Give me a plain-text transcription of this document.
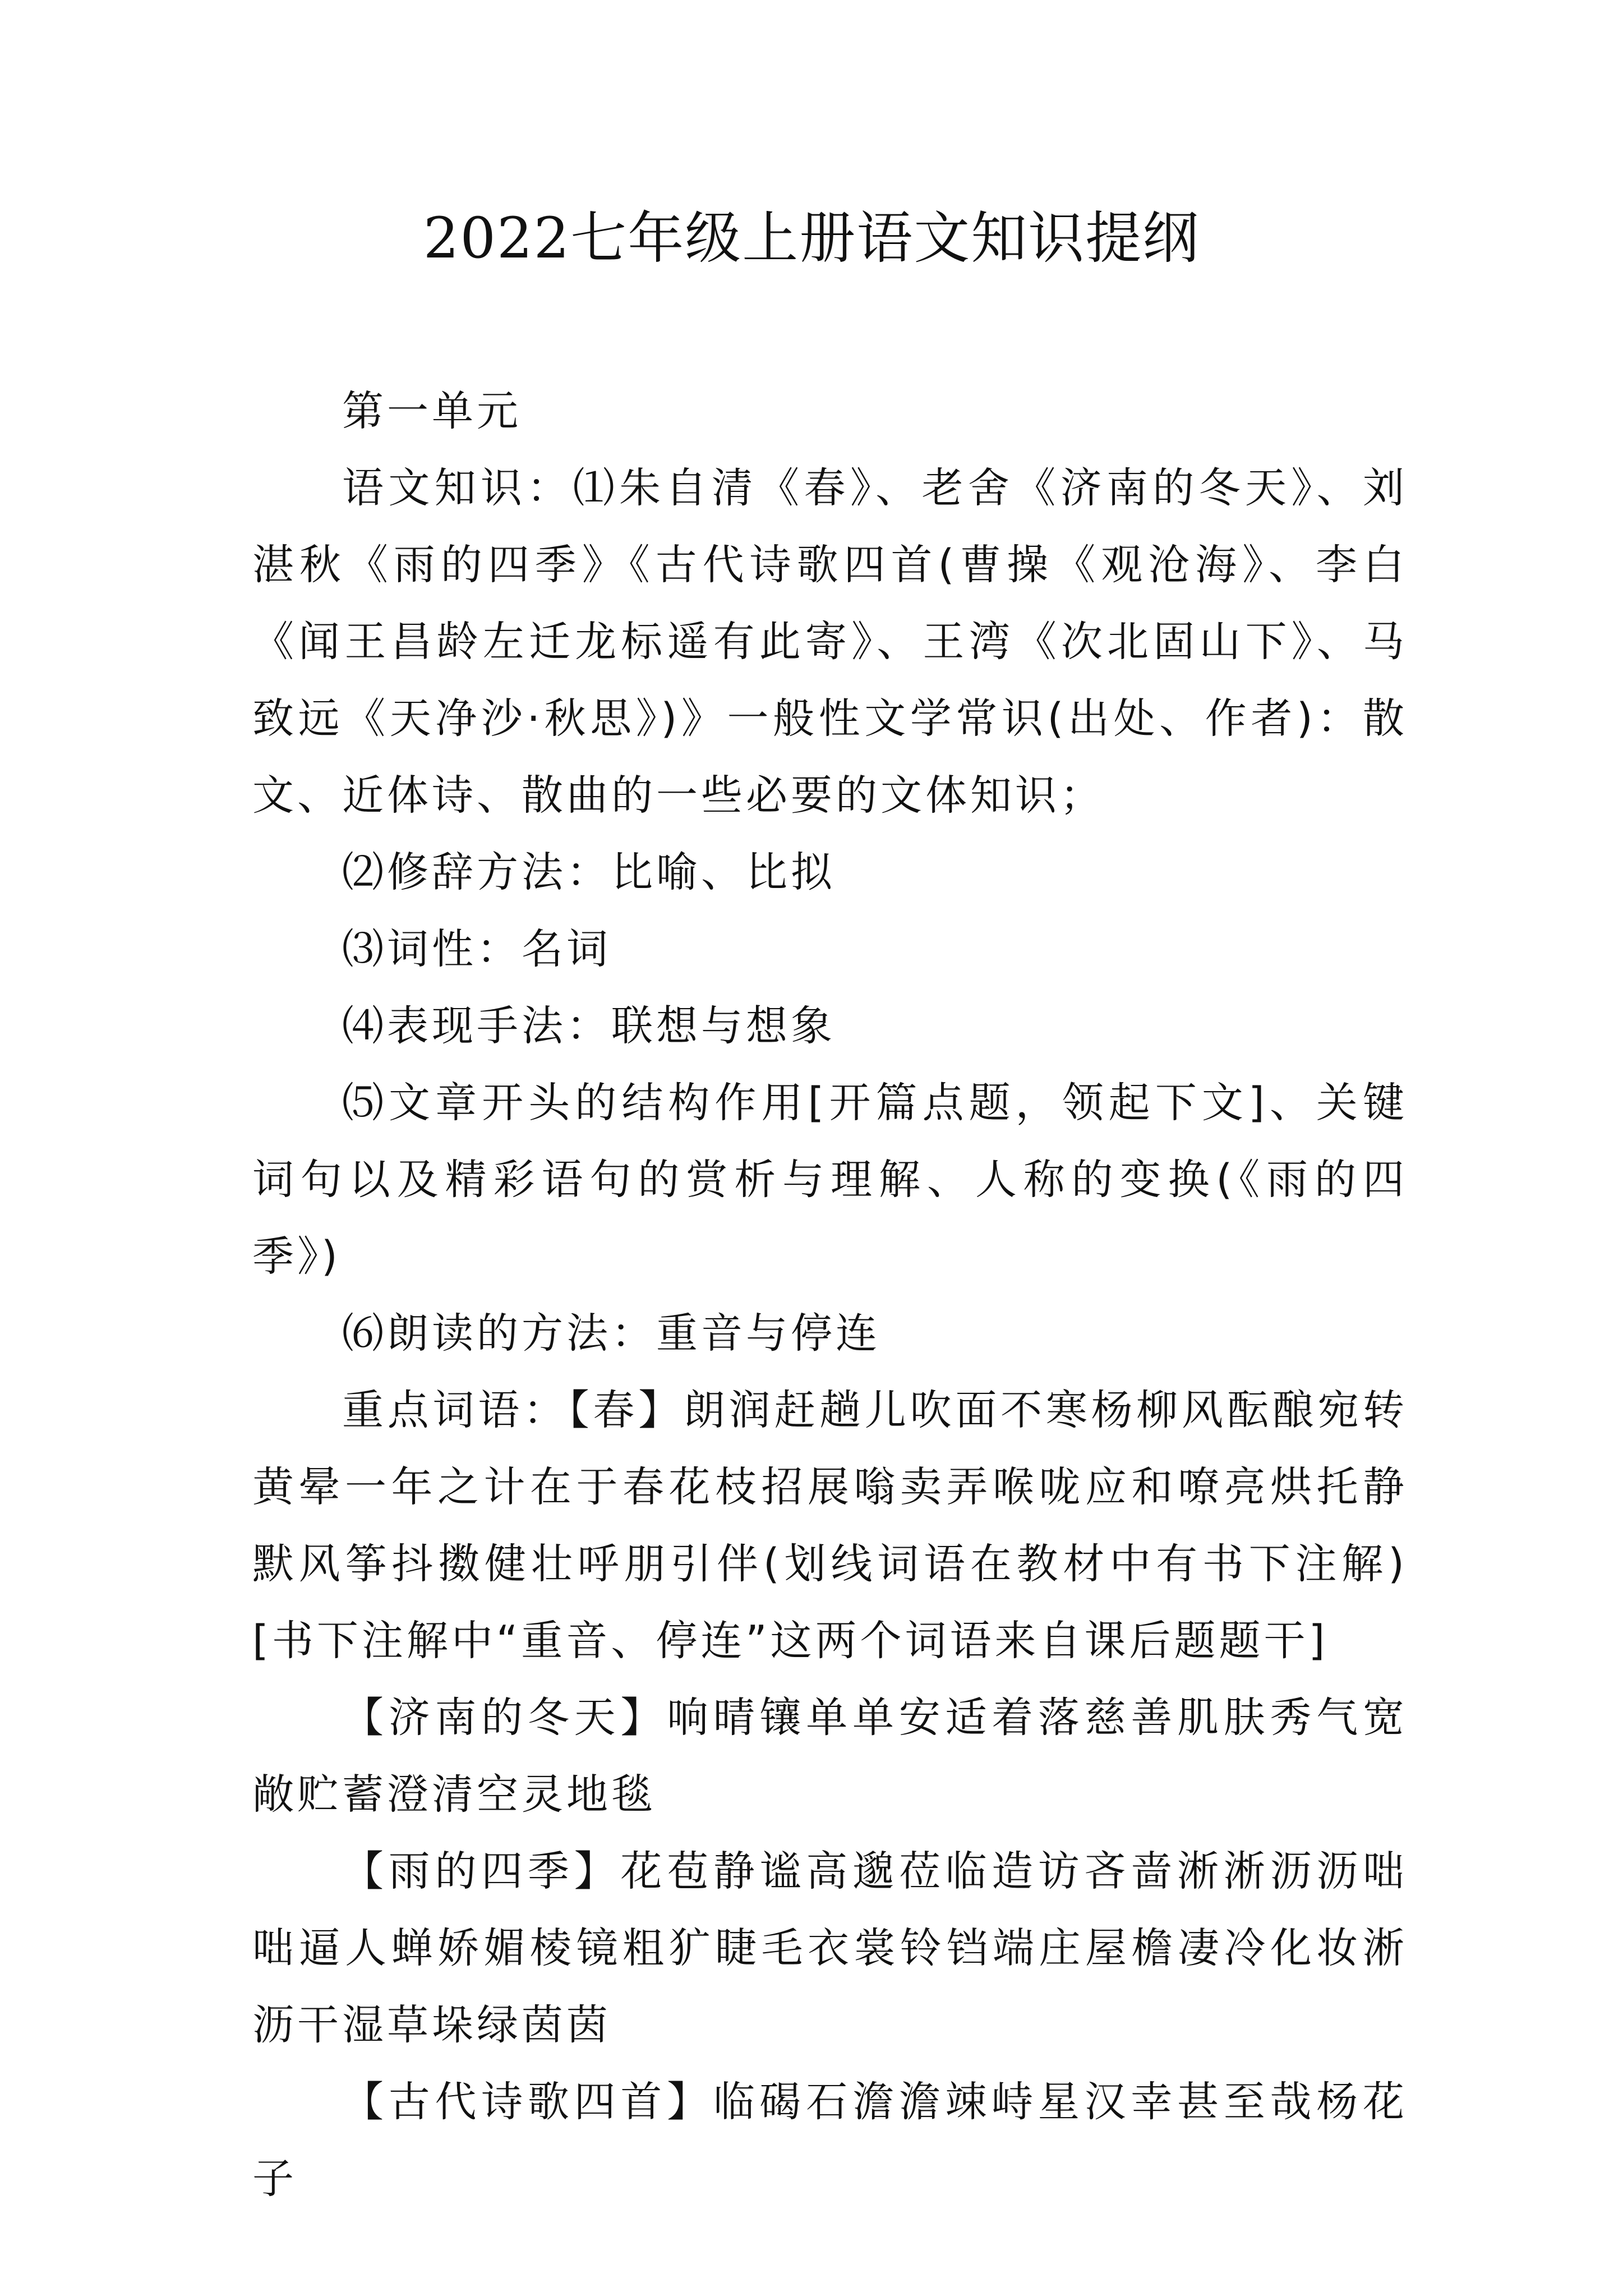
2022七年级上册语文知识提纲

第一单元

语文知识：⑴朱自清《春》、老舍《济南的冬天》、刘湛秋《雨的四季》《古代诗歌四首(曹操《观沧海》、李白《闻王昌龄左迁龙标遥有此寄》、王湾《次北固山下》、马致远《天净沙·秋思》)》一般性文学常识(出处、作者)：散文、近体诗、散曲的一些必要的文体知识；

⑵修辞方法：比喻、比拟

⑶词性：名词

⑷表现手法：联想与想象

⑸文章开头的结构作用[开篇点题，领起下文]、关键词句以及精彩语句的赏析与理解、人称的变换(《雨的四季》)

⑹朗读的方法：重音与停连

重点词语：【春】朗润赶趟儿吹面不寒杨柳风酝酿宛转黄晕一年之计在于春花枝招展嗡卖弄喉咙应和嘹亮烘托静默风筝抖擞健壮呼朋引伴(划线词语在教材中有书下注解)[书下注解中“重音、停连”这两个词语来自课后题题干]

【济南的冬天】响晴镶单单安适着落慈善肌肤秀气宽敞贮蓄澄清空灵地毯

【雨的四季】花苞静谧高邈莅临造访吝啬淅淅沥沥咄咄逼人蝉娇媚棱镜粗犷睫毛衣裳铃铛端庄屋檐凄冷化妆淅沥干湿草垛绿茵茵

【古代诗歌四首】临碣石澹澹竦峙星汉幸甚至哉杨花子
